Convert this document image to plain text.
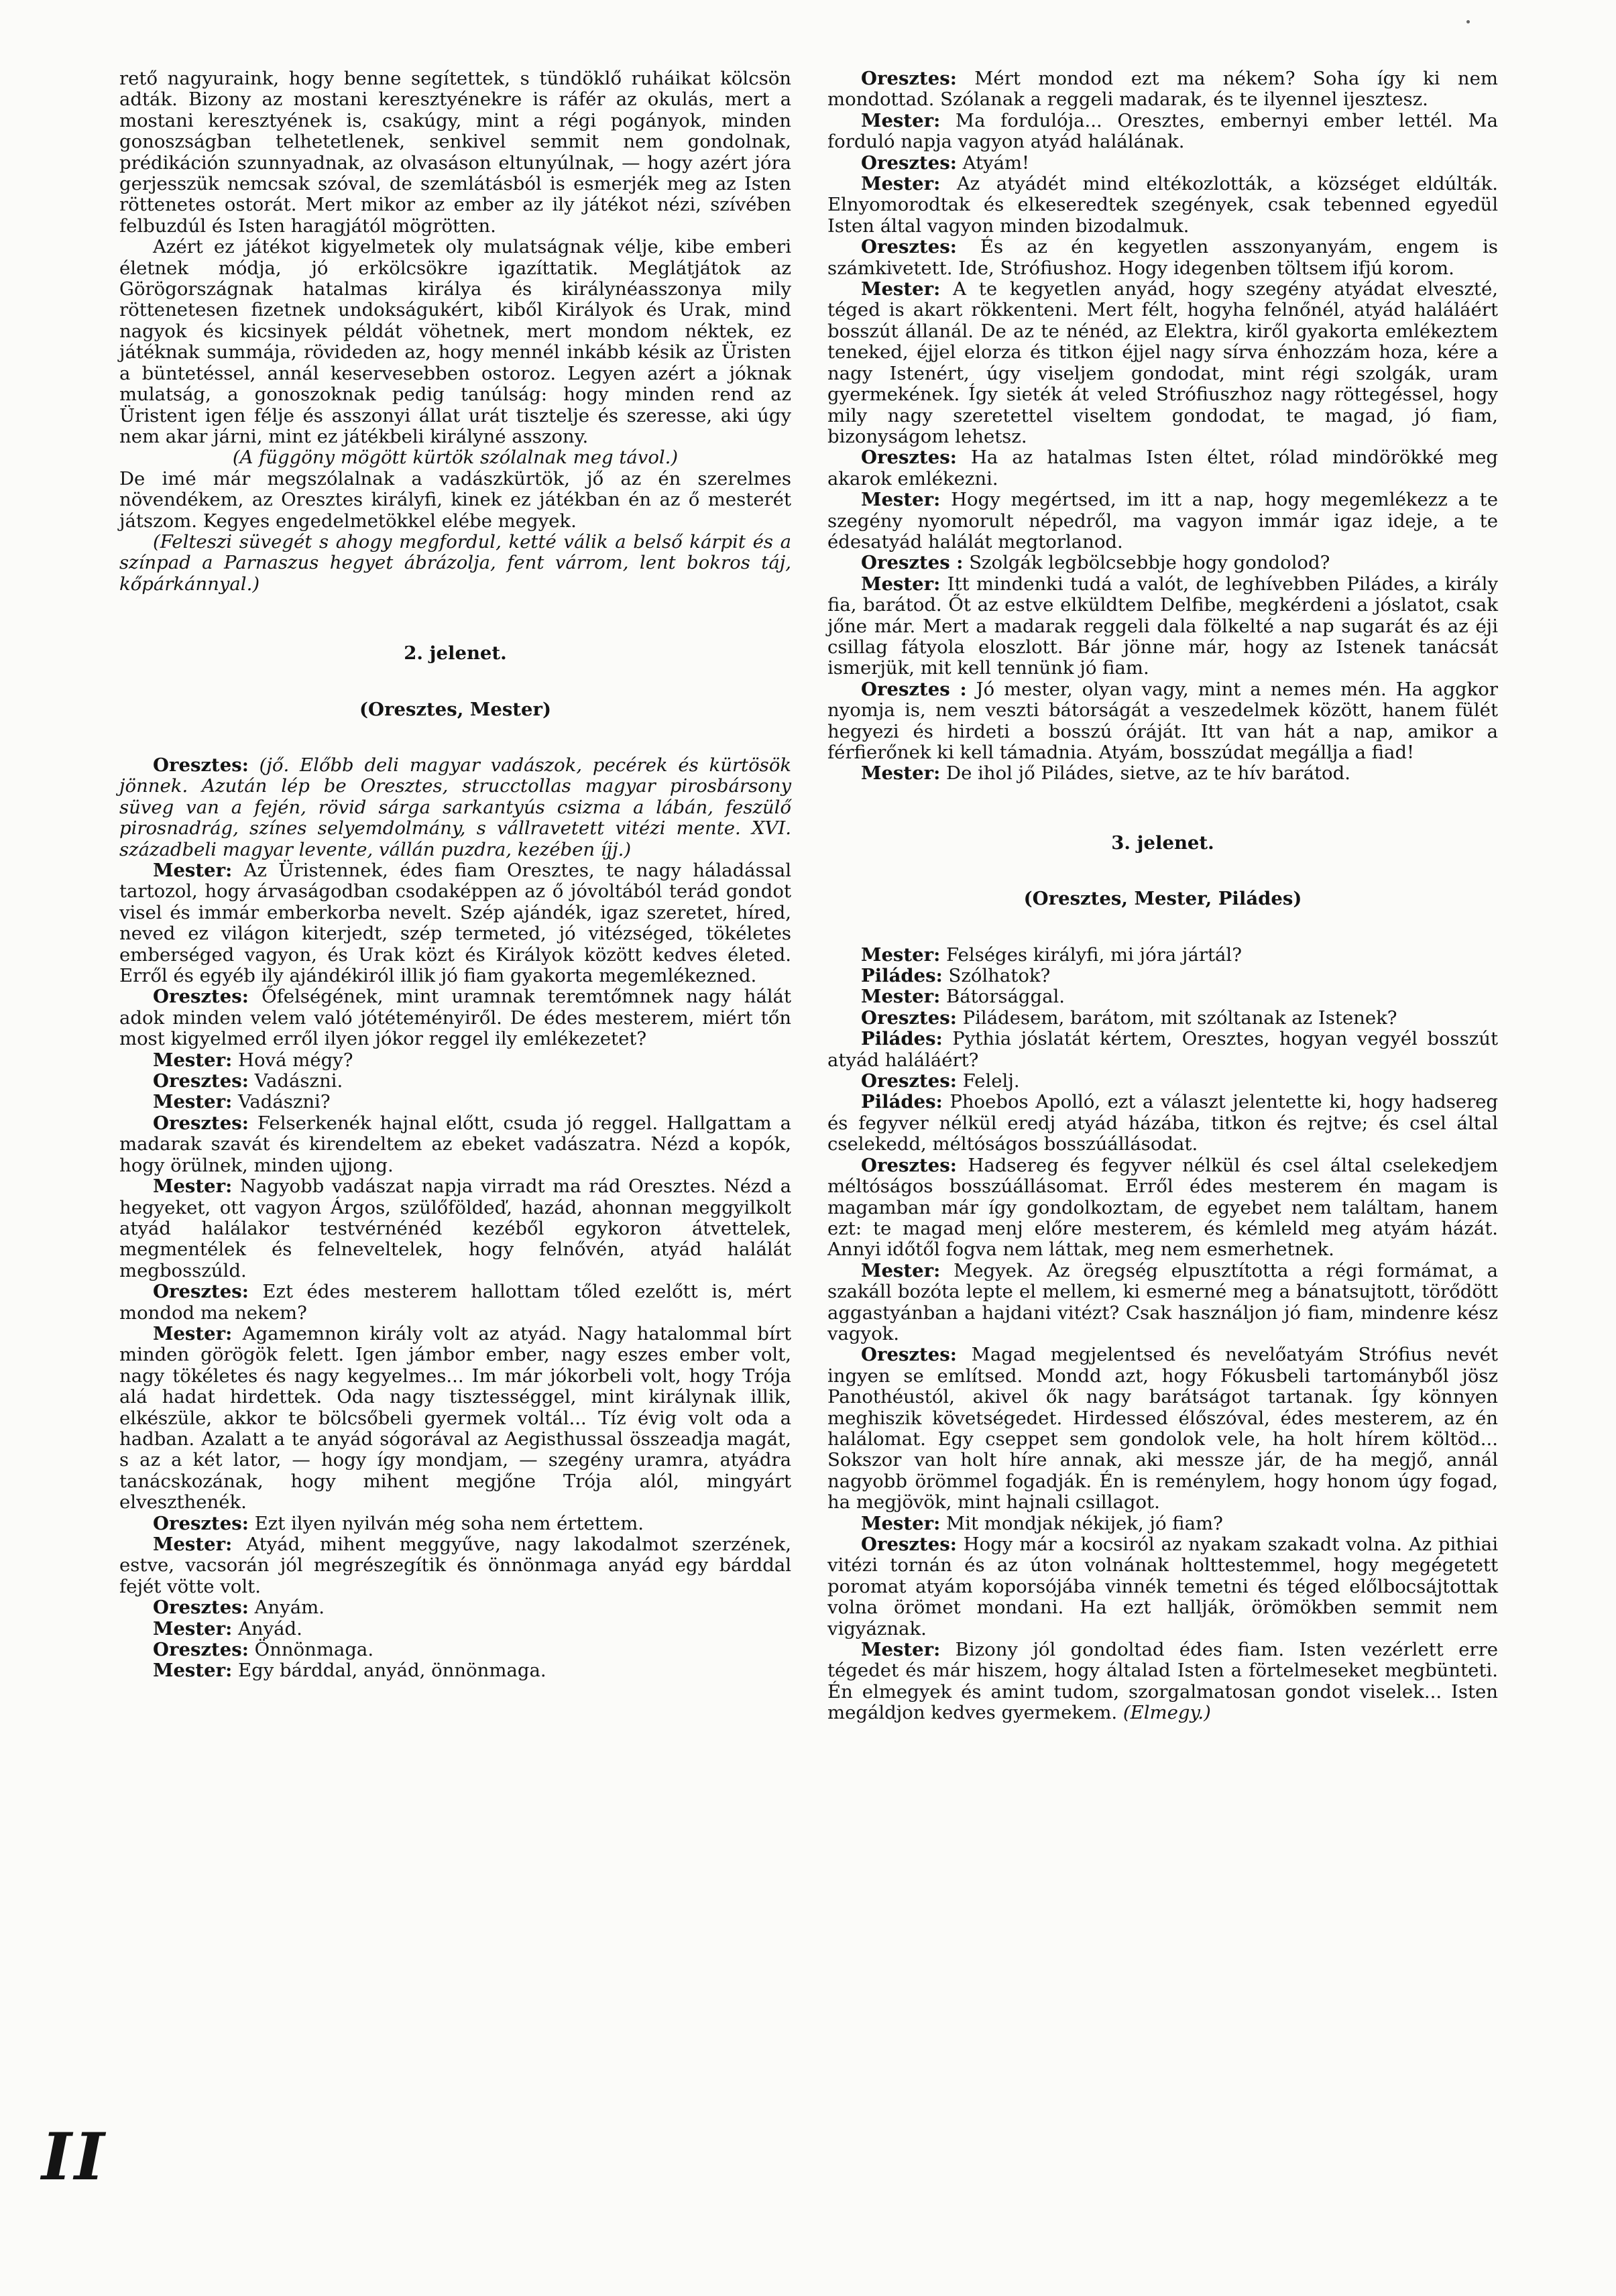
rető nagyuraink, hogy benne segítettek, s tündöklő ruháikat kölcsön adták. Bizony az mostani keresztyénekre is ráfér az okulás, mert a mostani keresztyének is, csakúgy, mint a régi pogányok, minden gonoszságban telhetetlenek, senkivel semmit nem gondolnak, prédikáción szunnyadnak, az olvasáson eltunyúlnak, — hogy azért jóra gerjesszük nemcsak szóval, de szemlátásból is esmerjék meg az Isten röttenetes ostorát. Mert mikor az ember az ily játékot nézi, szívében felbuzdúl és Isten haragjától mögrötten.

Azért ez játékot kigyelmetek oly mulatságnak vélje, kibe emberi életnek módja, jó erkölcsökre igazíttatik. Meglátjátok az Görögországnak hatalmas királya és királynéasszonya mily röttenetesen fizetnek undokságukért, kiből Királyok és Urak, mind nagyok és kicsinyek példát vöhetnek, mert mondom néktek, ez játéknak summája, rövideden az, hogy mennél inkább késik az Üristen a büntetéssel, annál keservesebben ostoroz. Legyen azért a jóknak mulatság, a gonoszoknak pedig tanúlság: hogy minden rend az Üristent igen félje és asszonyi állat urát tisztelje és szeresse, aki úgy nem akar járni, mint ez játékbeli királyné asszony.

(A függöny mögött kürtök szólalnak meg távol.)

De imé már megszólalnak a vadászkürtök, jő az én szerelmes növendékem, az Oresztes királyfi, kinek ez játékban én az ő mesterét játszom. Kegyes engedelmetökkel elébe megyek.

(Felteszi süvegét s ahogy megfordul, ketté válik a belső kárpit és a színpad a Parnaszus hegyet ábrázolja, fent várrom, lent bokros táj, kőpárkánnyal.)

2. jelenet.

(Oresztes, Mester)

Oresztes: (jő. Előbb deli magyar vadászok, pecérek és kürtösök jönnek. Azután lép be Oresztes, strucctollas magyar pirosbársony süveg van a fején, rövid sárga sarkantyús csizma a lábán, feszülő pirosnadrág, színes selyemdolmány, s vállravetett vitézi mente. XVI. századbeli magyar levente, vállán puzdra, kezében íjj.)

Mester: Az Üristennek, édes fiam Oresztes, te nagy háladással tartozol, hogy árvaságodban csodaképpen az ő jóvoltából terád gondot visel és immár emberkorba nevelt. Szép ajándék, igaz szeretet, híred, neved ez világon kiterjedt, szép termeted, jó vitézséged, tökéletes emberséged vagyon, és Urak közt és Királyok között kedves életed. Erről és egyéb ily ajándékiról illik jó fiam gyakorta megemlékezned.

Oresztes: Őfelségének, mint uramnak teremtőmnek nagy hálát adok minden velem való jótéteményiről. De édes mesterem, miért tőn most kigyelmed erről ilyen jókor reggel ily emlékezetet?

Mester: Hová mégy?

Oresztes: Vadászni.

Mester: Vadászni?

Oresztes: Felserkenék hajnal előtt, csuda jó reggel. Hallgattam a madarak szavát és kirendeltem az ebeket vadászatra. Nézd a kopók, hogy örülnek, minden ujjong.

Mester: Nagyobb vadászat napja virradt ma rád Oresztes. Nézd a hegyeket, ott vagyon Árgos, szülőföldeď, hazád, ahonnan meggyilkolt atyád halálakor testvérnénéd kezéből egykoron átvettelek, megmentélek és felneveltelek, hogy felnővén, atyád halálát megbosszúld.

Oresztes: Ezt édes mesterem hallottam tőled ezelőtt is, mért mondod ma nekem?

Mester: Agamemnon király volt az atyád. Nagy hatalommal bírt minden görögök felett. Igen jámbor ember, nagy eszes ember volt, nagy tökéletes és nagy kegyelmes... Im már jókorbeli volt, hogy Trója alá hadat hirdettek. Oda nagy tisztességgel, mint királynak illik, elkészüle, akkor te bölcsőbeli gyermek voltál... Tíz évig volt oda a hadban. Azalatt a te anyád sógorával az Aegisthussal összeadja magát, s az a két lator, — hogy így mondjam, — szegény uramra, atyádra tanácskozának, hogy mihent megjőne Trója alól, mingyárt elveszthenék.

Oresztes: Ezt ilyen nyilván még soha nem értettem.

Mester: Atyád, mihent meggyűve, nagy lakodalmot szerzének, estve, vacsorán jól megrészegítik és önnönmaga anyád egy bárddal fejét vötte volt.

Oresztes: Anyám.

Mester: Anyád.

Oresztes: Önnönmaga.

Mester: Egy bárddal, anyád, önnönmaga.

Oresztes: Mért mondod ezt ma nékem? Soha így ki nem mondottad. Szólanak a reggeli madarak, és te ilyennel ijesztesz.

Mester: Ma fordulója... Oresztes, embernyi ember lettél. Ma forduló napja vagyon atyád halálának.

Oresztes: Atyám!

Mester: Az atyádét mind eltékozlották, a községet eldúlták. Elnyomorodtak és elkeseredtek szegények, csak tebenned egyedül Isten által vagyon minden bizodalmuk.

Oresztes: És az én kegyetlen asszonyanyám, engem is számkivetett. Ide, Strófiushoz. Hogy idegenben töltsem ifjú korom.

Mester: A te kegyetlen anyád, hogy szegény atyádat elveszté, téged is akart rökkenteni. Mert félt, hogyha felnőnél, atyád haláláért bosszút állanál. De az te nénéd, az Elektra, kiről gyakorta emlékeztem teneked, éjjel elorza és titkon éjjel nagy sírva énhozzám hoza, kére a nagy Istenért, úgy viseljem gondodat, mint régi szolgák, uram gyermekének. Így sieték át veled Strófiuszhoz nagy röttegéssel, hogy mily nagy szeretettel viseltem gondodat, te magad, jó fiam, bizonyságom lehetsz.

Oresztes: Ha az hatalmas Isten éltet, rólad mindörökké meg akarok emlékezni.

Mester: Hogy megértsed, im itt a nap, hogy megemlékezz a te szegény nyomorult népedről, ma vagyon immár igaz ideje, a te édesatyád halálát megtorlanod.

Oresztes : Szolgák legbölcsebbje hogy gondolod?

Mester: Itt mindenki tudá a valót, de leghívebben Piládes, a király fia, barátod. Őt az estve elküldtem Delfibe, megkérdeni a jóslatot, csak jőne már. Mert a madarak reggeli dala fölkelté a nap sugarát és az éji csillag fátyola eloszlott. Bár jönne már, hogy az Istenek tanácsát ismerjük, mit kell tennünk jó fiam.

Oresztes : Jó mester, olyan vagy, mint a nemes mén. Ha aggkor nyomja is, nem veszti bátorságát a veszedelmek között, hanem fülét hegyezi és hirdeti a bosszú óráját. Itt van hát a nap, amikor a férfierőnek ki kell támadnia. Atyám, bosszúdat megállja a fiad!

Mester: De ihol jő Piládes, sietve, az te hív barátod.

3. jelenet.

(Oresztes, Mester, Piládes)

Mester: Felséges királyfi, mi jóra jártál?

Piládes: Szólhatok?

Mester: Bátorsággal.

Oresztes: Piládesem, barátom, mit szóltanak az Istenek?

Piládes: Pythia jóslatát kértem, Oresztes, hogyan vegyél bosszút atyád haláláért?

Oresztes: Felelj.

Piládes: Phoebos Apolló, ezt a választ jelentette ki, hogy hadsereg és fegyver nélkül eredj atyád házába, titkon és rejtve; és csel által cselekedd, méltóságos bosszúállásodat.

Oresztes: Hadsereg és fegyver nélkül és csel által cselekedjem méltóságos bosszúállásomat. Erről édes mesterem én magam is magamban már így gondolkoztam, de egyebet nem találtam, hanem ezt: te magad menj előre mesterem, és kémleld meg atyám házát. Annyi időtől fogva nem láttak, meg nem esmerhetnek.

Mester: Megyek. Az öregség elpusztította a régi formámat, a szakáll bozóta lepte el mellem, ki esmerné meg a bánatsujtott, törődött aggastyánban a hajdani vitézt? Csak használjon jó fiam, mindenre kész vagyok.

Oresztes: Magad megjelentsed és nevelőatyám Strófius nevét ingyen se említsed. Mondd azt, hogy Fókusbeli tartományből jösz Panothéustól, akivel ők nagy barátságot tartanak. Így könnyen meghiszik követségedet. Hirdessed élőszóval, édes mesterem, az én halálomat. Egy cseppet sem gondolok vele, ha holt hírem költöd... Sokszor van holt híre annak, aki messze jár, de ha megjő, annál nagyobb örömmel fogadják. Én is reménylem, hogy honom úgy fogad, ha megjövök, mint hajnali csillagot.

Mester: Mit mondjak nékijek, jó fiam?

Oresztes: Hogy már a kocsiról az nyakam szakadt volna. Az pithiai vitézi tornán és az úton volnának holttestemmel, hogy megégetett poromat atyám koporsójába vinnék temetni és téged előlbocsájtottak volna örömet mondani. Ha ezt hallják, örömökben semmit nem vigyáznak.

Mester: Bizony jól gondoltad édes fiam. Isten vezérlett erre tégedet és már hiszem, hogy általad Isten a förtelmeseket megbünteti. Én elmegyek és amint tudom, szorgalmatosan gondot viselek... Isten megáldjon kedves gyermekem. (Elmegy.)

II
